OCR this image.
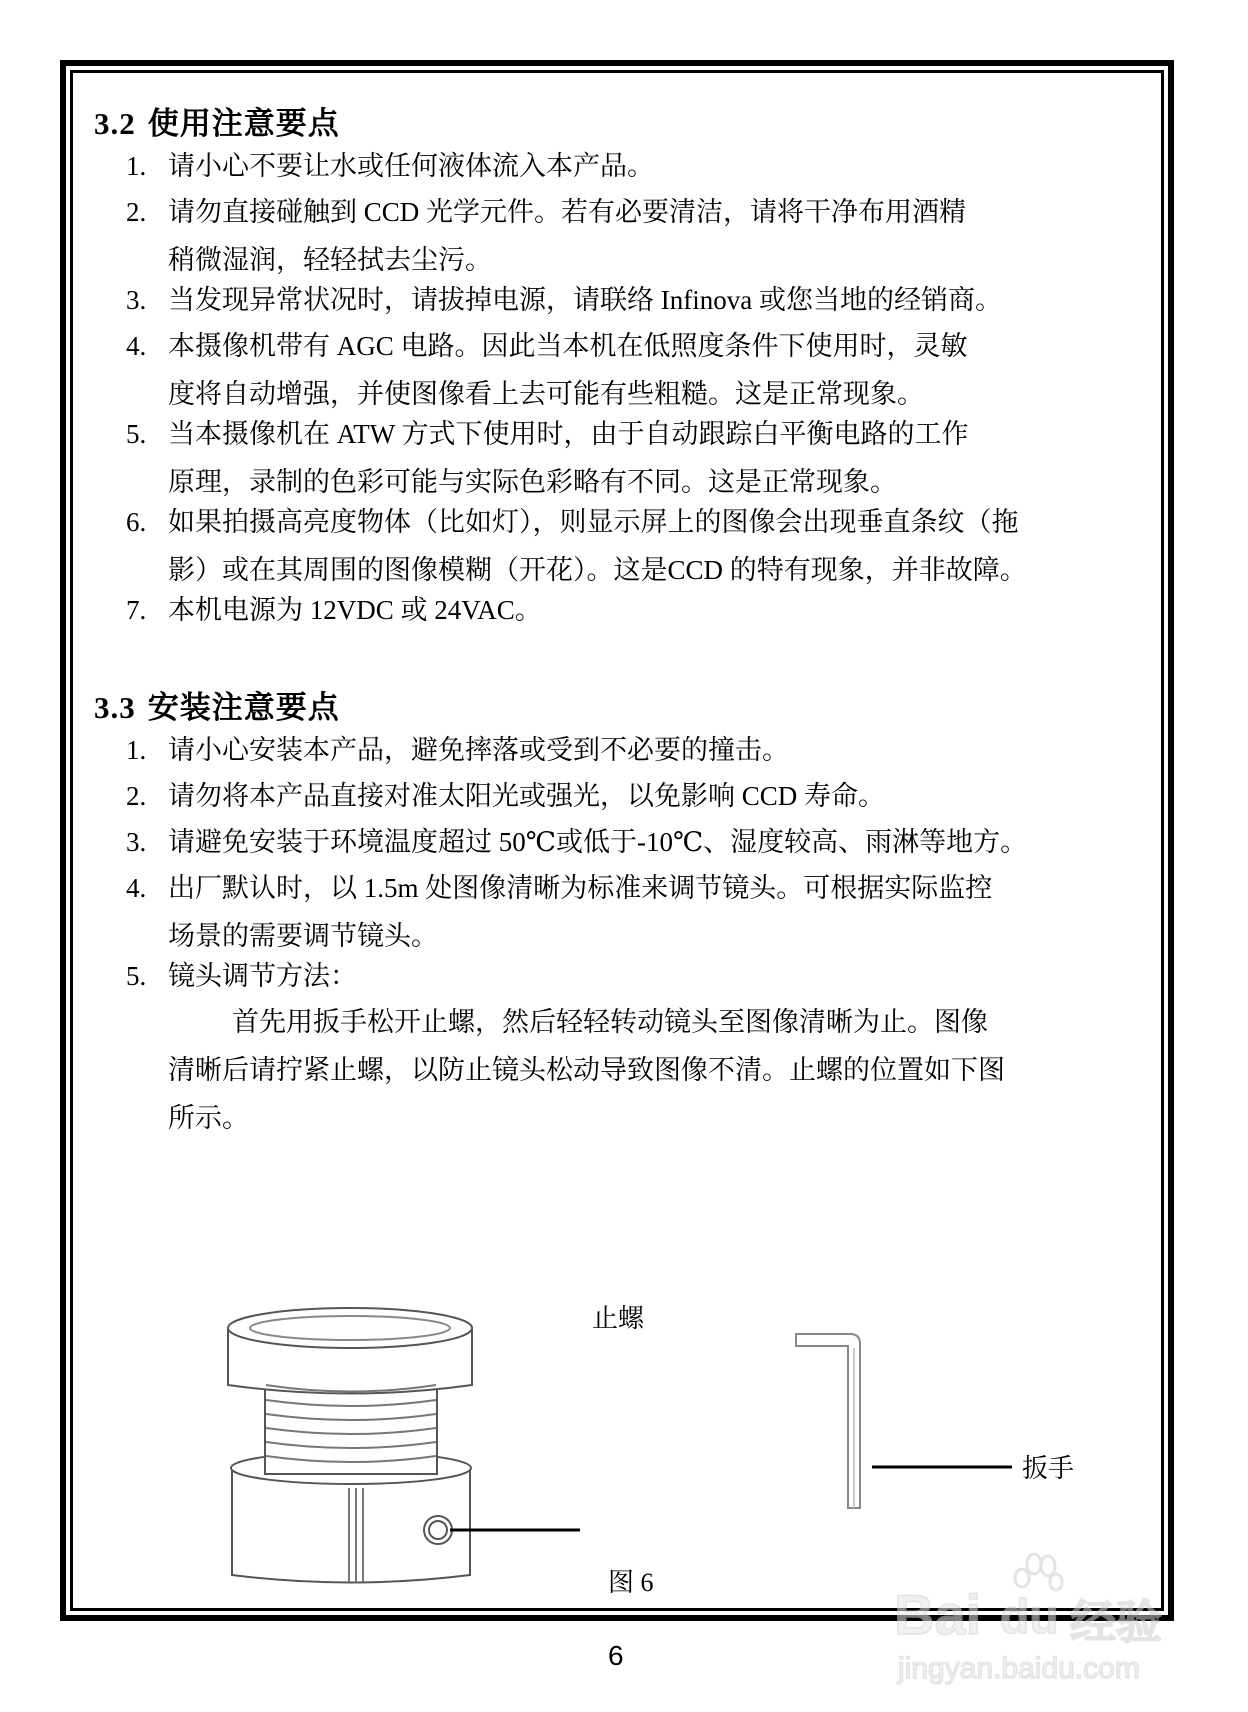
3.2 使用注意要点
1. 请小心不要让水或任何液体流入本产品。
2. 请勿直接碰触到 CCD 光学元件。若有必要清洁，请将干净布用酒精
稍微湿润，轻轻拭去尘污。
3. 当发现异常状况时，请拔掉电源，请联络 Infinova 或您当地的经销商。
4. 本摄像机带有 AGC 电路。因此当本机在低照度条件下使用时，灵敏
度将自动增强，并使图像看上去可能有些粗糙。这是正常现象。
5. 当本摄像机在 ATW 方式下使用时，由于自动跟踪白平衡电路的工作
原理，录制的色彩可能与实际色彩略有不同。这是正常现象。
6. 如果拍摄高亮度物体（比如灯），则显示屏上的图像会出现垂直条纹（拖
影）或在其周围的图像模糊（开花）。这是CCD 的特有现象，并非故障。
7. 本机电源为 12VDC 或 24VAC。
3.3 安装注意要点
1. 请小心安装本产品，避免摔落或受到不必要的撞击。
2. 请勿将本产品直接对准太阳光或强光，以免影响 CCD 寿命。
3. 请避免安装于环境温度超过 50℃或低于-10℃、湿度较高、雨淋等地方。
4. 出厂默认时，以 1.5m 处图像清晰为标准来调节镜头。可根据实际监控
场景的需要调节镜头。
5. 镜头调节方法：
首先用扳手松开止螺，然后轻轻转动镜头至图像清晰为止。图像
清晰后请拧紧止螺，以防止镜头松动导致图像不清。止螺的位置如下图
所示。
止螺
扳手
图 6
6
Bai du 经验
jingyan.baidu.com
